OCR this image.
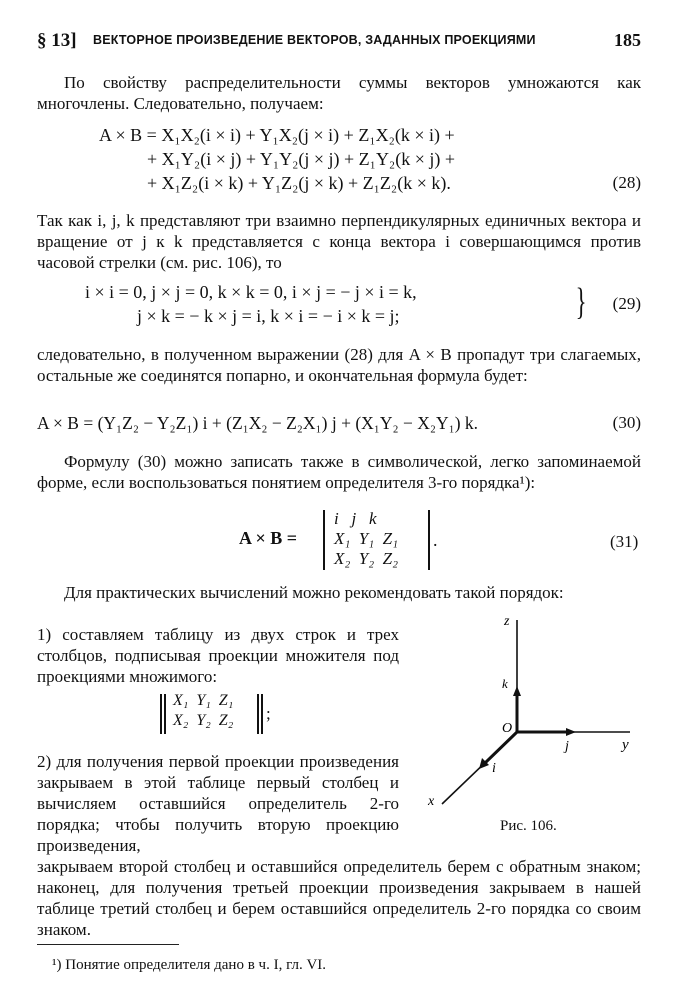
§ 13] ВЕКТОРНОЕ ПРОИЗВЕДЕНИЕ ВЕКТОРОВ, ЗАДАННЫХ ПРОЕКЦИЯМИ	185
По свойству распределительности суммы векторов умножаются как многочлены. Следовательно, получаем:
A × B = X₁X₂(i × i) + Y₁X₂(j × i) + Z₁X₂(k × i) +
+ X₁Y₂(i × j) + Y₁Y₂(j × j) + Z₁Y₂(k × j) +
+ X₁Z₂(i × k) + Y₁Z₂(j × k) + Z₁Z₂(k × k).	(28)
Так как i, j, k представляют три взаимно перпендикулярных единичных вектора и вращение от j к k представляется с конца вектора i совершающимся против часовой стрелки (см. рис. 106), то
i × i = 0, j × j = 0, k × k = 0, i × j = − j × i = k,
j × k = − k × j = i, k × i = − i × k = j;	} (29)
следовательно, в полученном выражении (28) для A × B пропадут три слагаемых, остальные же соединятся попарно, и окончательная формула будет:
A × B = (Y₁Z₂ − Y₂Z₁) i + (Z₁X₂ − Z₂X₁) j + (X₁Y₂ − X₂Y₁) k.	(30)
Формулу (30) можно записать также в символической, легко запоминаемой форме, если воспользоваться понятием определителя 3-го порядка¹):
A × B =
i   j   k
X₁  Y₁  Z₁
X₂  Y₂  Z₂
.	(31)
Для практических вычислений можно рекомендовать такой порядок:
1) составляем таблицу из двух строк и трех столбцов, подписывая проекции множителя под проекциями множимого:
X₁  Y₁  Z₁
X₂  Y₂  Z₂ ;
2) для получения первой проекции произведения закрываем в этой таблице первый столбец и вычисляем оставшийся определитель 2-го порядка; чтобы получить вторую проекцию произведения,
закрываем второй столбец и оставшийся определитель берем с обратным знаком; наконец, для получения третьей проекции произведения закрываем в нашей таблице третий столбец и берем оставшийся определитель 2-го порядка со своим знаком.
z
k
O
j	y
i
x
Рис. 106.
¹) Понятие определителя дано в ч. I, гл. VI.
